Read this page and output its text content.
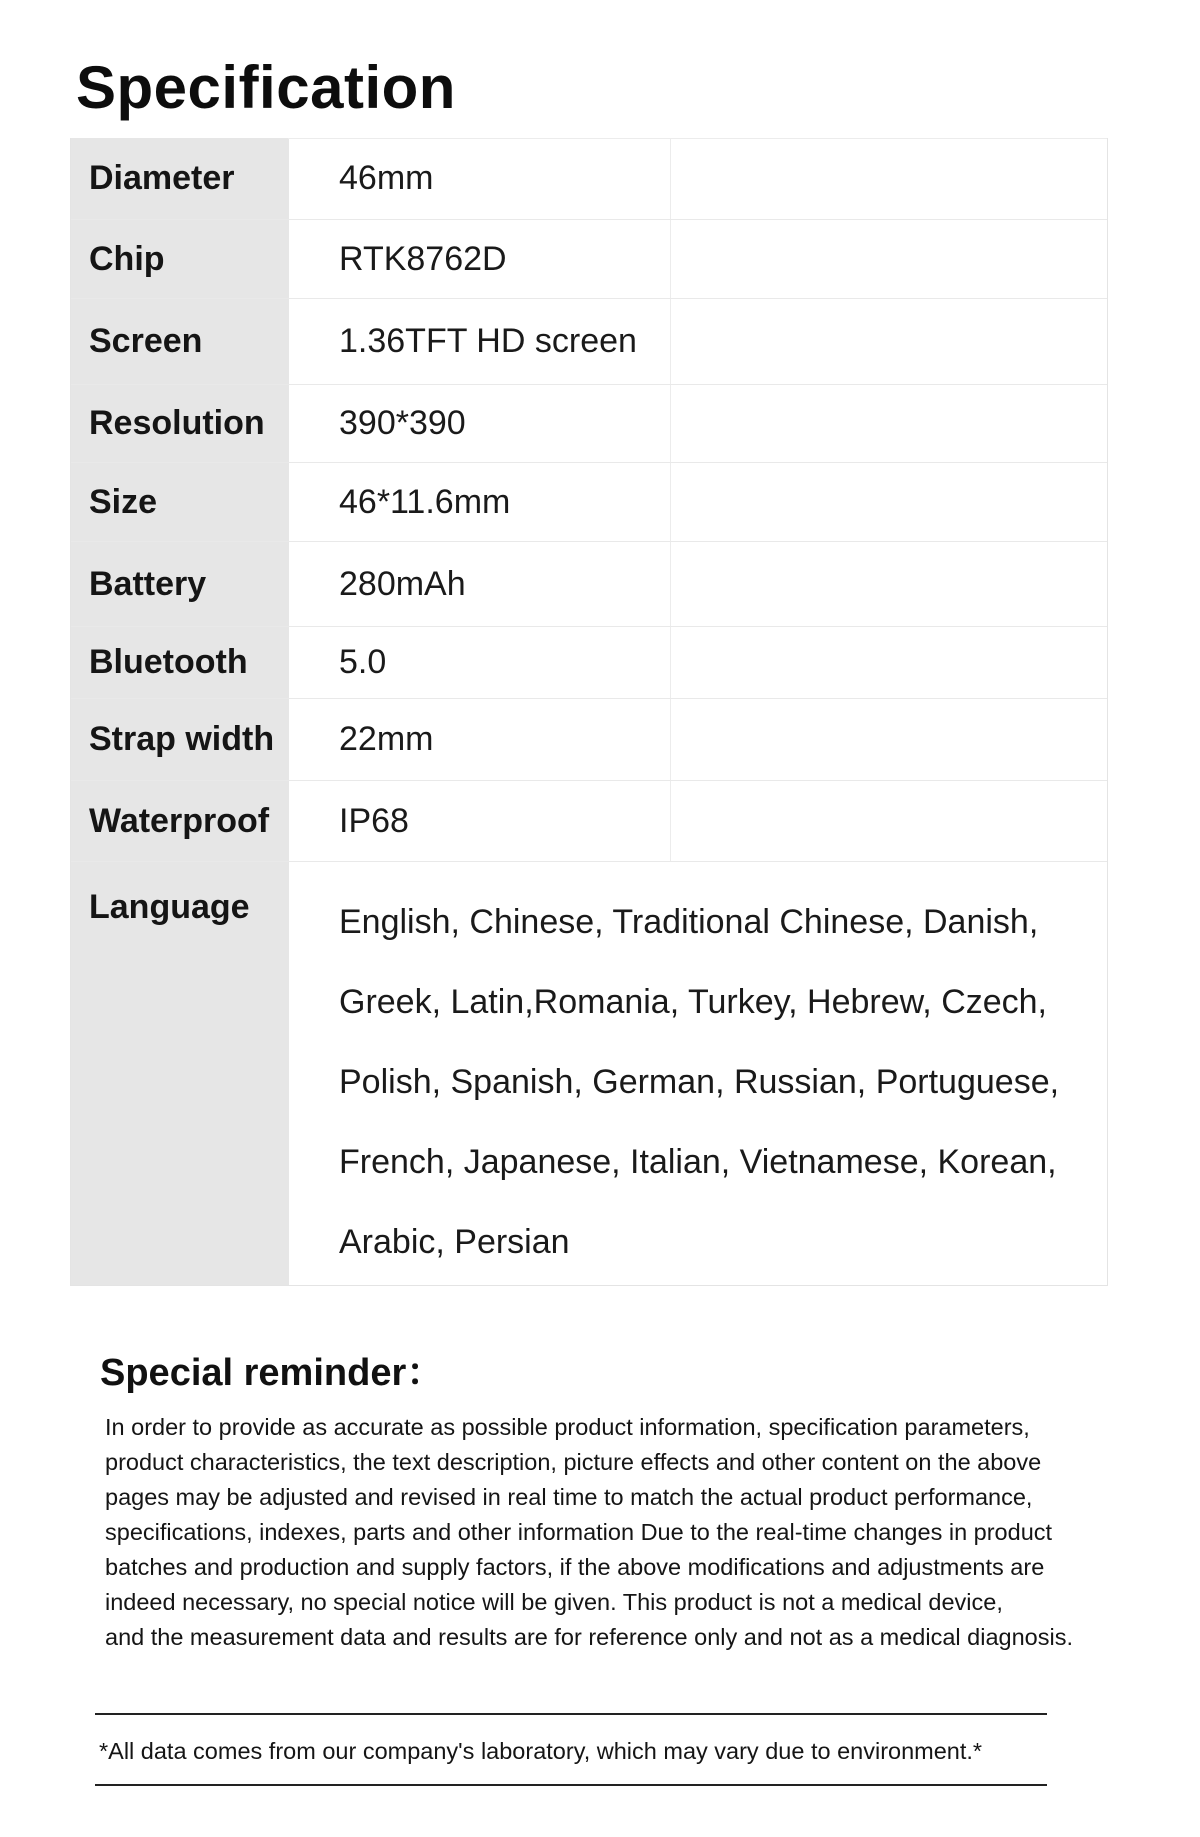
Specification
Diameter	46mm
Chip	RTK8762D
Screen	1.36TFT HD screen
Resolution	390*390
Size	46*11.6mm
Battery	280mAh
Bluetooth	5.0
Strap width	22mm
Waterproof	IP68
Language	English, Chinese, Traditional Chinese, Danish,
Greek, Latin,Romania, Turkey, Hebrew, Czech,
Polish, Spanish, German, Russian, Portuguese,
French, Japanese, Italian, Vietnamese, Korean,
Arabic, Persian
Special reminder：
In order to provide as accurate as possible product information, specification parameters,
product characteristics, the text description, picture effects and other content on the above
pages may be adjusted and revised in real time to match the actual product performance,
specifications, indexes, parts and other information Due to the real-time changes in product
batches and production and supply factors, if the above modifications and adjustments are
indeed necessary, no special notice will be given. This product is not a medical device,
and the measurement data and results are for reference only and not as a medical diagnosis.
*All data comes from our company's laboratory, which may vary due to environment.*
